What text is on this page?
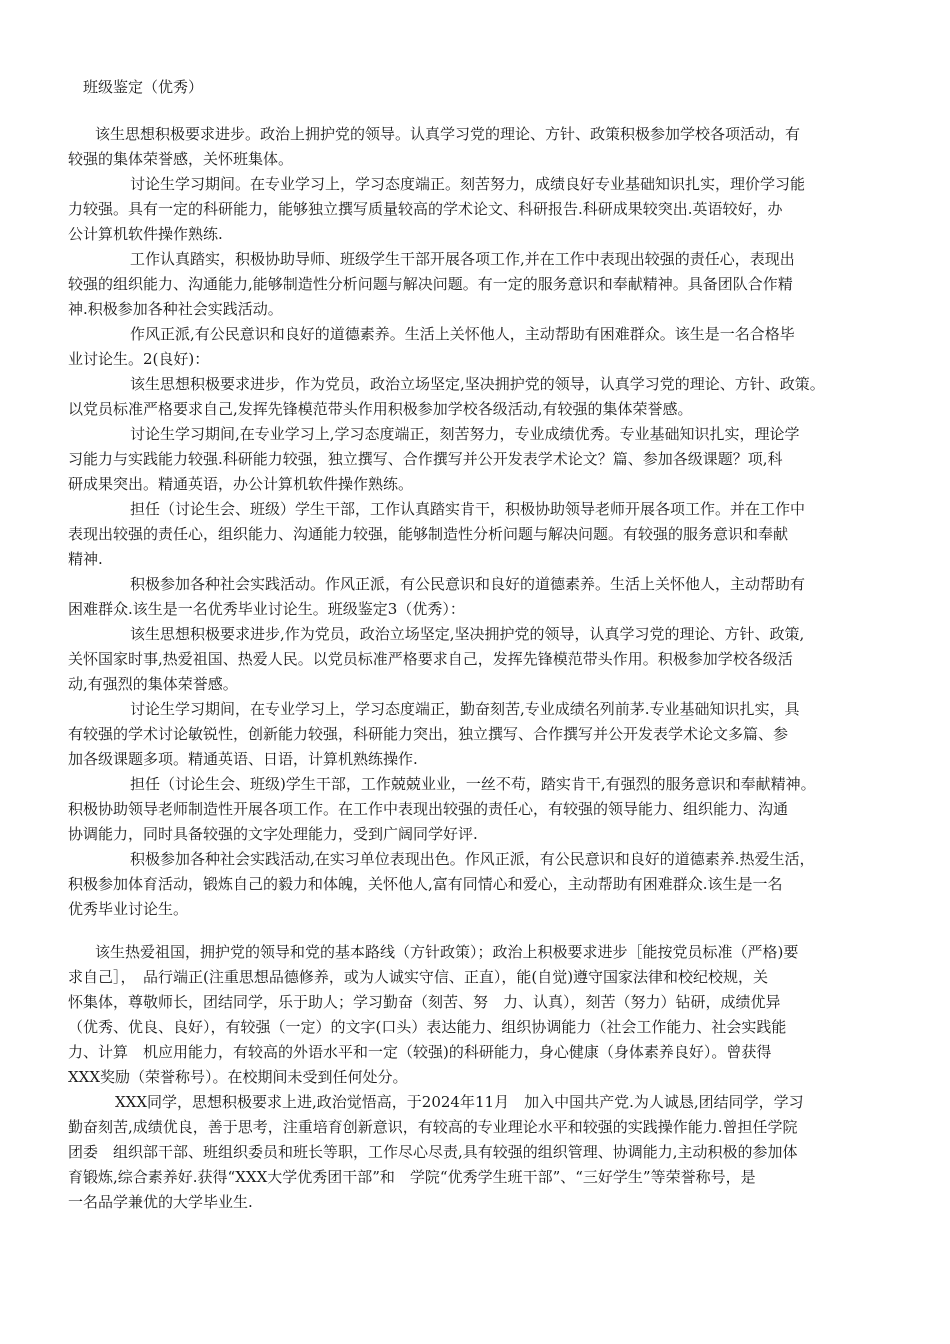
班级鉴定（优秀）
该生思想积极要求进步。政治上拥护党的领导。认真学习党的理论、方针、政策积极参加学校各项活动，有
较强的集体荣誉感，关怀班集体。
讨论生学习期间。在专业学习上，学习态度端正。刻苦努力，成绩良好专业基础知识扎实，理价学习能
力较强。具有一定的科研能力，能够独立撰写质量较高的学术论文、科研报告.科研成果较突出.英语较好，办
公计算机软件操作熟练.
工作认真踏实，积极协助导师、班级学生干部开展各项工作,并在工作中表现出较强的责任心，表现出
较强的组织能力、沟通能力,能够制造性分析问题与解决问题。有一定的服务意识和奉献精神。具备团队合作精
神.积极参加各种社会实践活动。
作风正派,有公民意识和良好的道德素养。生活上关怀他人，主动帮助有困难群众。该生是一名合格毕
业讨论生。2(良好)：
该生思想积极要求进步，作为党员，政治立场坚定,坚决拥护党的领导，认真学习党的理论、方针、政策。
以党员标准严格要求自己,发挥先锋模范带头作用积极参加学校各级活动,有较强的集体荣誉感。
讨论生学习期间,在专业学习上,学习态度端正，刻苦努力，专业成绩优秀。专业基础知识扎实，理论学
习能力与实践能力较强.科研能力较强，独立撰写、合作撰写并公开发表学术论文？篇、参加各级课题？项,科
研成果突出。精通英语，办公计算机软件操作熟练。
担任（讨论生会、班级）学生干部，工作认真踏实肯干，积极协助领导老师开展各项工作。并在工作中
表现出较强的责任心，组织能力、沟通能力较强，能够制造性分析问题与解决问题。有较强的服务意识和奉献
精神.
积极参加各种社会实践活动。作风正派，有公民意识和良好的道德素养。生活上关怀他人，主动帮助有
困难群众.该生是一名优秀毕业讨论生。班级鉴定3（优秀）：
该生思想积极要求进步,作为党员，政治立场坚定,坚决拥护党的领导，认真学习党的理论、方针、政策,
关怀国家时事,热爱祖国、热爱人民。以党员标准严格要求自己，发挥先锋模范带头作用。积极参加学校各级活
动,有强烈的集体荣誉感。
讨论生学习期间，在专业学习上，学习态度端正，勤奋刻苦,专业成绩名列前茅.专业基础知识扎实，具
有较强的学术讨论敏锐性，创新能力较强，科研能力突出，独立撰写、合作撰写并公开发表学术论文多篇、参
加各级课题多项。精通英语、日语，计算机熟练操作.
担任（讨论生会、班级)学生干部，工作兢兢业业，一丝不苟，踏实肯干,有强烈的服务意识和奉献精神。
积极协助领导老师制造性开展各项工作。在工作中表现出较强的责任心，有较强的领导能力、组织能力、沟通
协调能力，同时具备较强的文字处理能力，受到广阔同学好评.
积极参加各种社会实践活动,在实习单位表现出色。作风正派，有公民意识和良好的道德素养.热爱生活，
积极参加体育活动，锻炼自己的毅力和体魄，关怀他人,富有同情心和爱心，主动帮助有困难群众.该生是一名
优秀毕业讨论生。
该生热爱祖国，拥护党的领导和党的基本路线（方针政策）；政治上积极要求进步［能按党员标准（严格)要
求自己］，　品行端正(注重思想品德修养，或为人诚实守信、正直），能(自觉)遵守国家法律和校纪校规，关
怀集体，尊敬师长，团结同学，乐于助人；学习勤奋（刻苦、努　力、认真），刻苦（努力）钻研，成绩优异
（优秀、优良、良好），有较强（一定）的文字(口头）表达能力、组织协调能力（社会工作能力、社会实践能
力、计算　机应用能力，有较高的外语水平和一定（较强)的科研能力，身心健康（身体素养良好）。曾获得
XXX奖励（荣誉称号）。在校期间未受到任何处分。
XXX同学，思想积极要求上进,政治觉悟高，于2024年11月　加入中国共产党.为人诚恳,团结同学，学习
勤奋刻苦,成绩优良，善于思考，注重培育创新意识，有较高的专业理论水平和较强的实践操作能力.曾担任学院
团委　组织部干部、班组织委员和班长等职，工作尽心尽责,具有较强的组织管理、协调能力,主动积极的参加体
育锻炼,综合素养好.获得“XXX大学优秀团干部”和　学院“优秀学生班干部”、“三好学生”等荣誉称号，是
一名品学兼优的大学毕业生.
